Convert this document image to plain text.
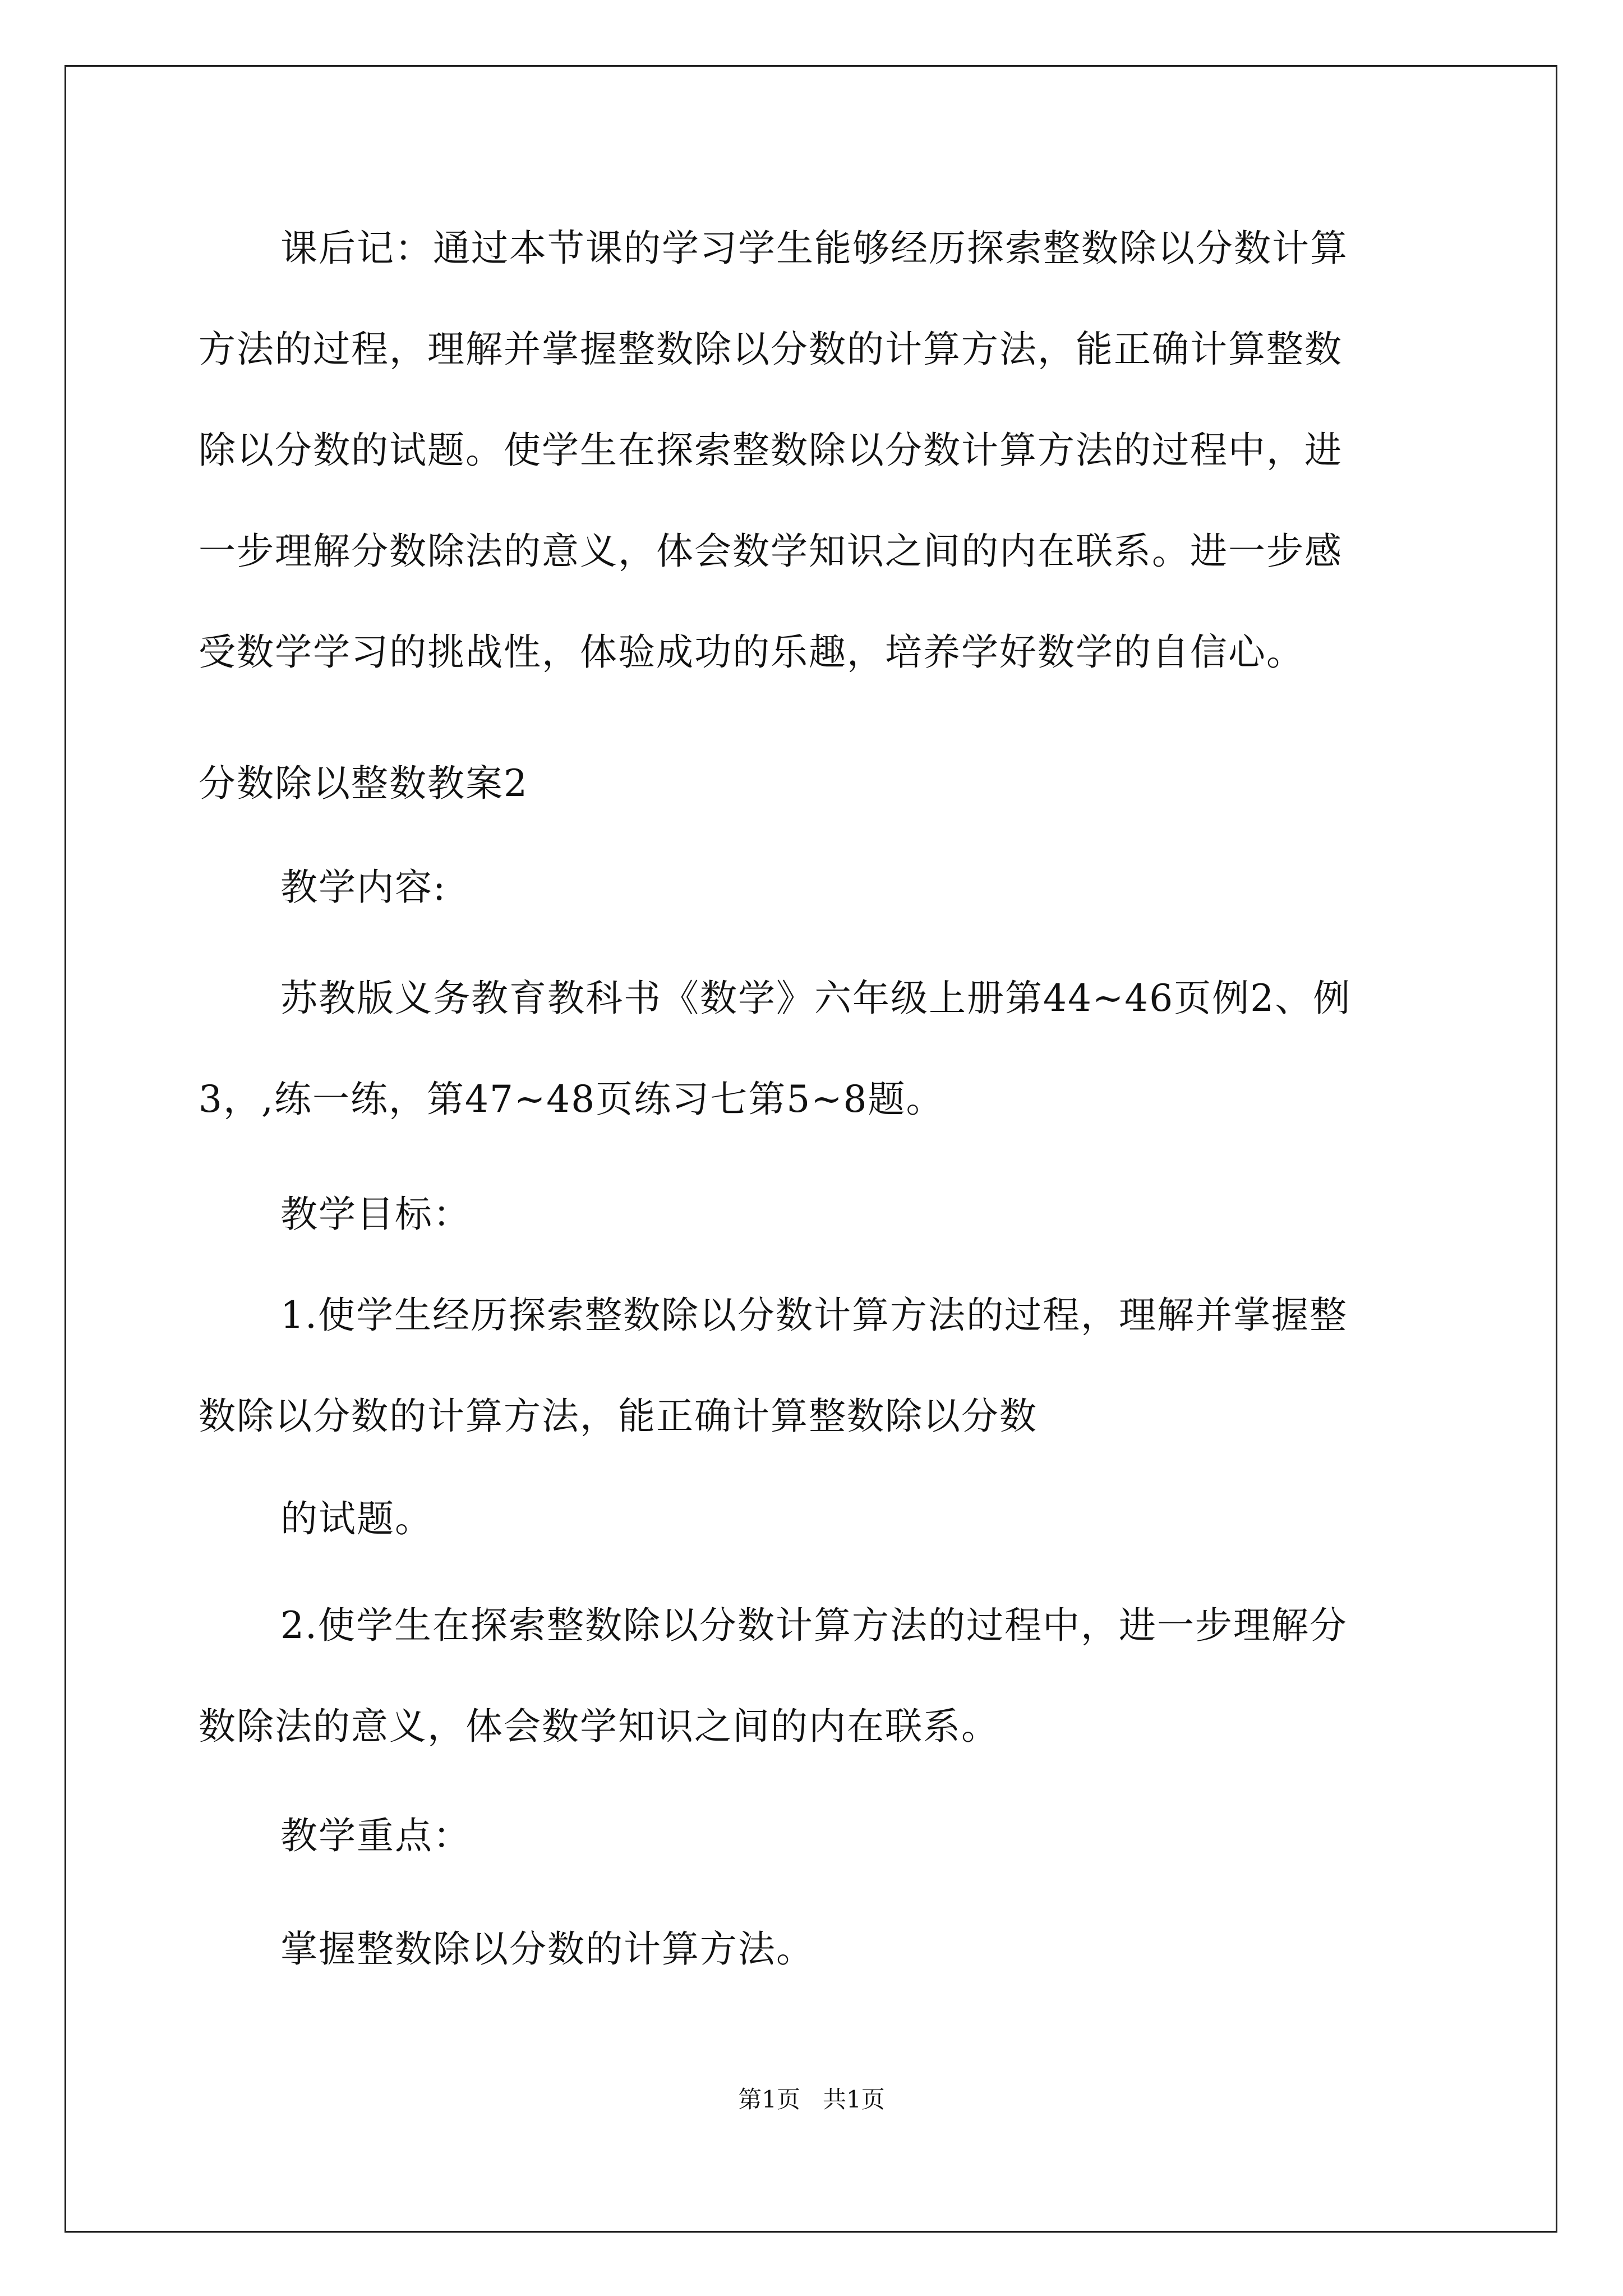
课后记：通过本节课的学习学生能够经历探索整数除以分数计算
方法的过程，理解并掌握整数除以分数的计算方法，能正确计算整数
除以分数的试题。使学生在探索整数除以分数计算方法的过程中，进
一步理解分数除法的意义，体会数学知识之间的内在联系。进一步感
受数学学习的挑战性，体验成功的乐趣，培养学好数学的自信心。
分数除以整数教案2
教学内容:
苏教版义务教育教科书《数学》六年级上册第44~46页例2、例
3，,练一练，第47~48页练习七第5~8题。
教学目标：
1.使学生经历探索整数除以分数计算方法的过程，理解并掌握整
数除以分数的计算方法，能正确计算整数除以分数
的试题。
2.使学生在探索整数除以分数计算方法的过程中，进一步理解分
数除法的意义，体会数学知识之间的内在联系。
教学重点：
掌握整数除以分数的计算方法。
第1页   共1页
